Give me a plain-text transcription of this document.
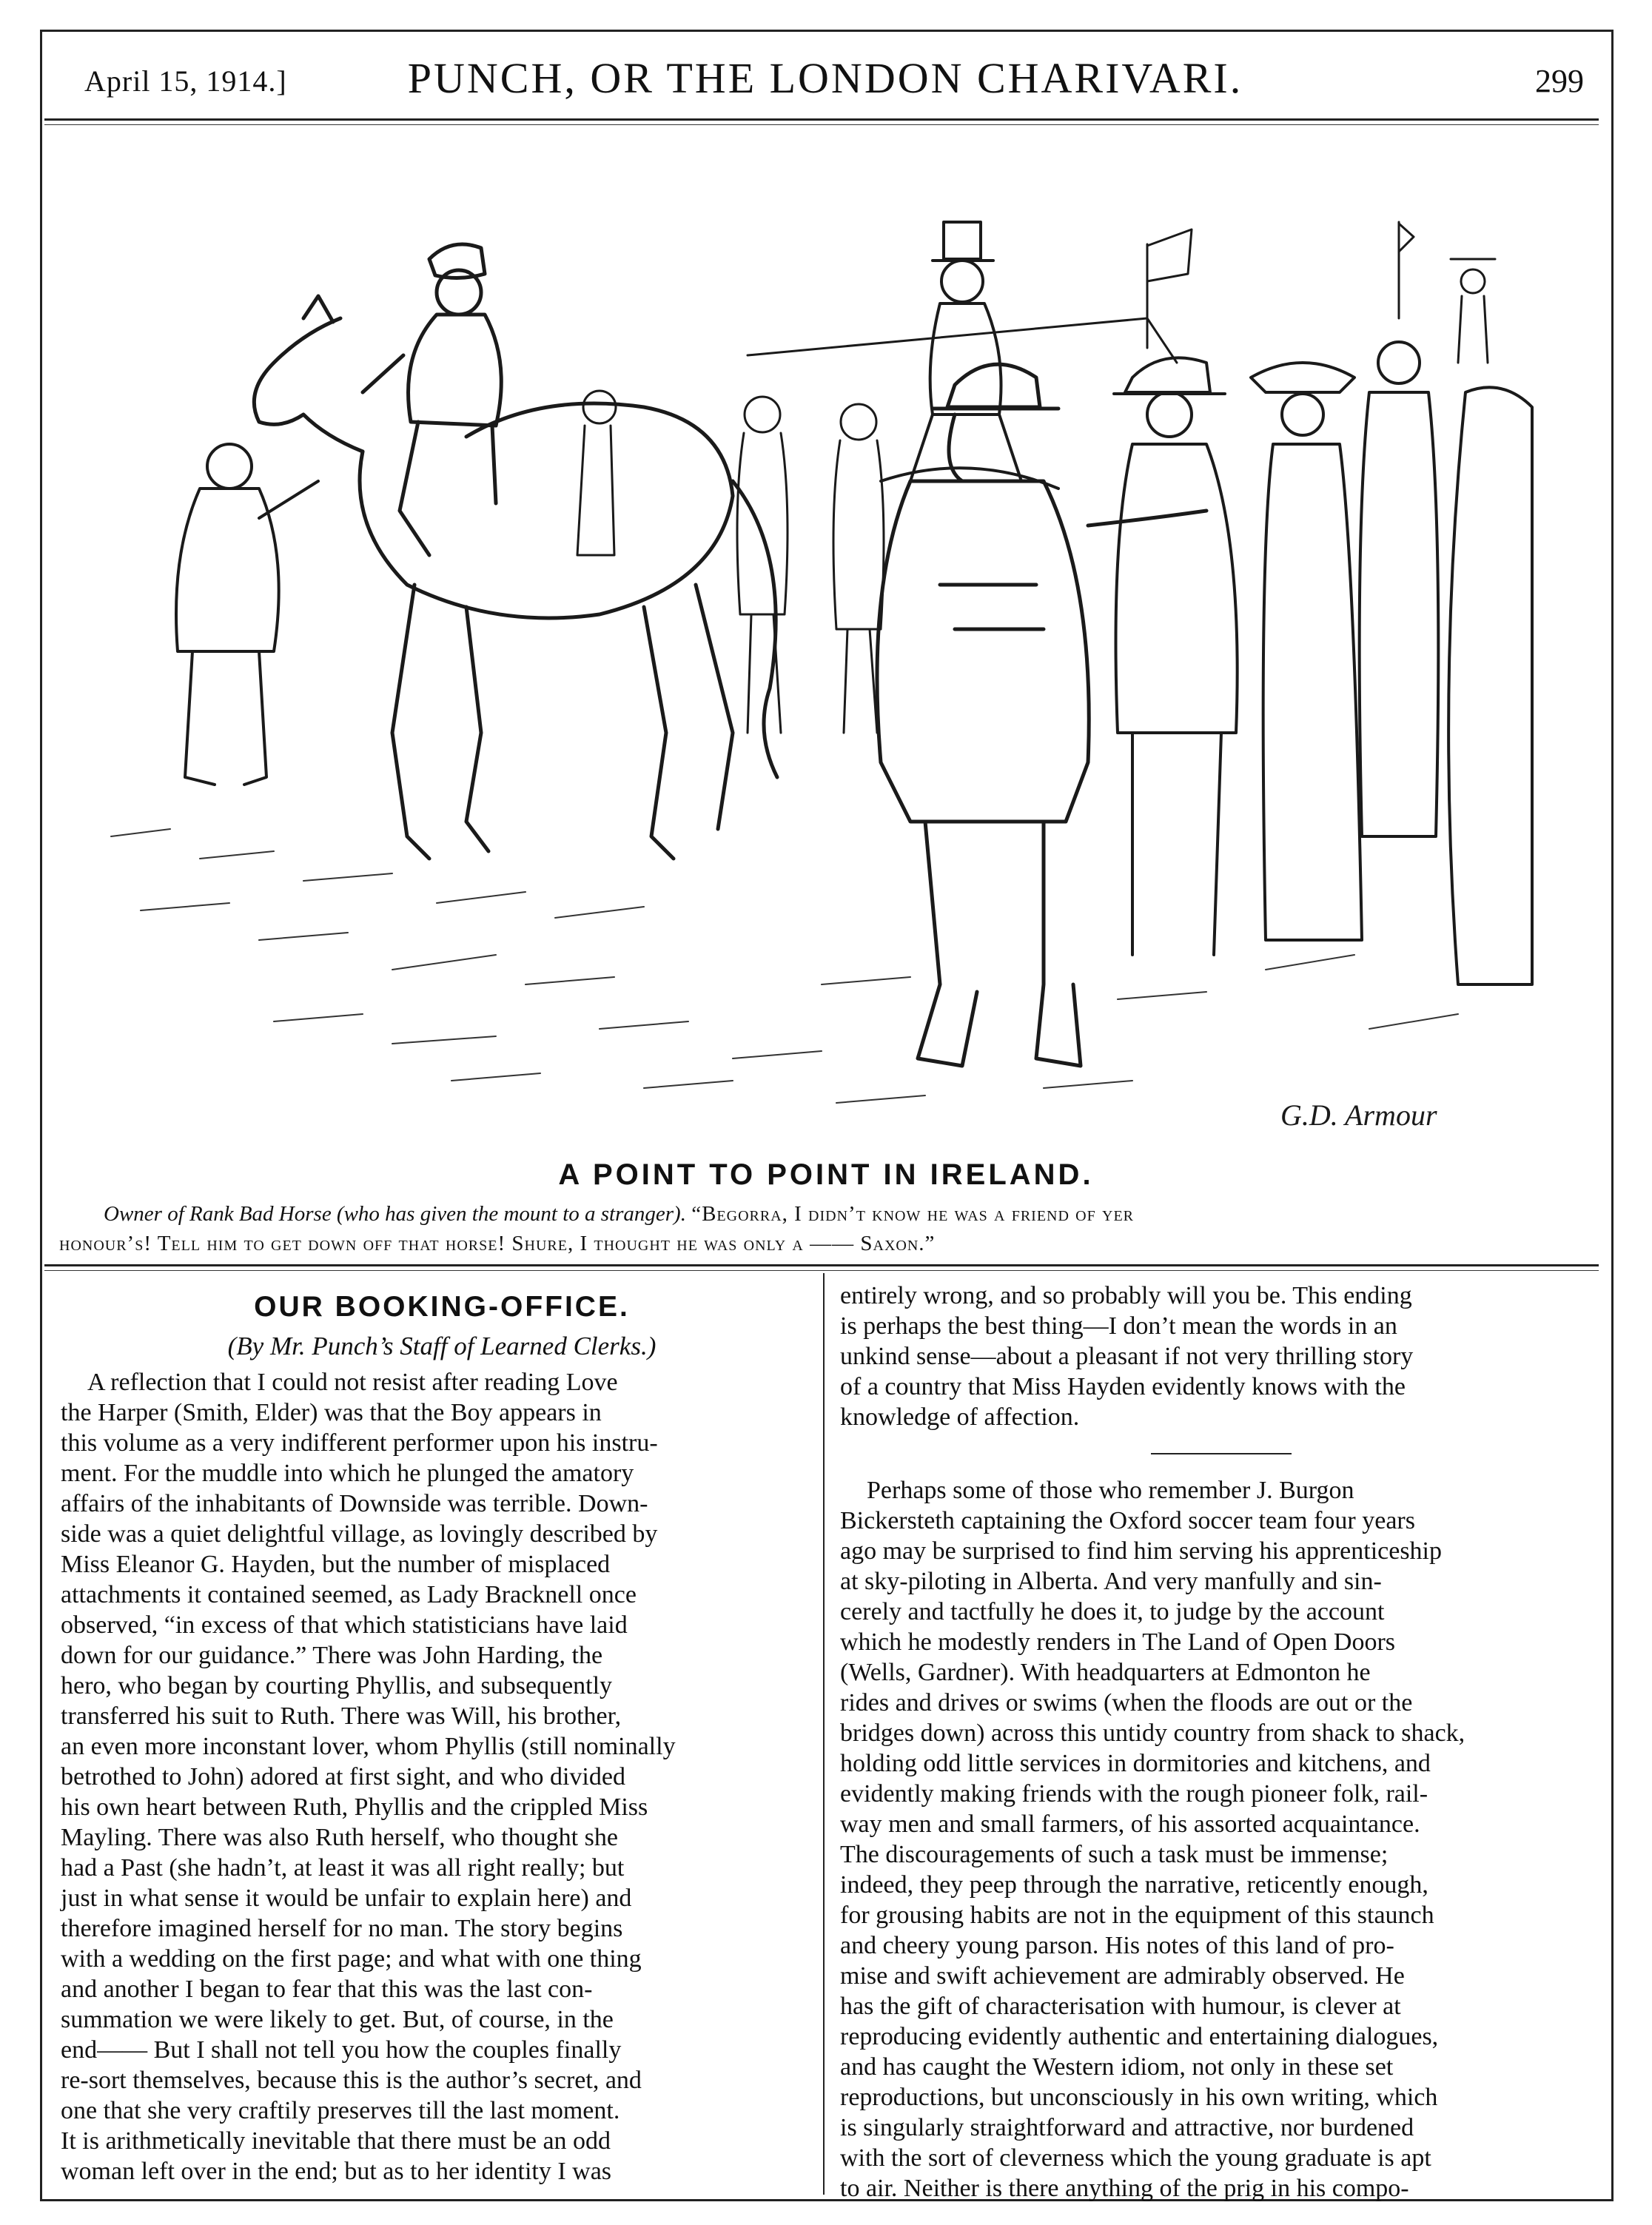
April 15, 1914.]	PUNCH, OR THE LONDON CHARIVARI.	299
G.D. Armour
A POINT TO POINT IN IRELAND.
Owner of Rank Bad Horse (who has given the mount to a stranger). “Begorra, I didn’t know he was a friend of yer
honour’s! Tell him to get down off that horse! Shure, I thought he was only a —— Saxon.”

OUR BOOKING-OFFICE.

(By Mr. Punch’s Staff of Learned Clerks.)

A reflection that I could not resist after reading Love
the Harper (Smith, Elder) was that the Boy appears in
this volume as a very indifferent performer upon his instru-
ment. For the muddle into which he plunged the amatory
affairs of the inhabitants of Downside was terrible. Down-
side was a quiet delightful village, as lovingly described by
Miss Eleanor G. Hayden, but the number of misplaced
attachments it contained seemed, as Lady Bracknell once
observed, “in excess of that which statisticians have laid
down for our guidance.” There was John Harding, the
hero, who began by courting Phyllis, and subsequently
transferred his suit to Ruth. There was Will, his brother,
an even more inconstant lover, whom Phyllis (still nominally
betrothed to John) adored at first sight, and who divided
his own heart between Ruth, Phyllis and the crippled Miss
Mayling. There was also Ruth herself, who thought she
had a Past (she hadn’t, at least it was all right really; but
just in what sense it would be unfair to explain here) and
therefore imagined herself for no man. The story begins
with a wedding on the first page; and what with one thing
and another I began to fear that this was the last con-
summation we were likely to get. But, of course, in the
end—— But I shall not tell you how the couples finally
re-sort themselves, because this is the author’s secret, and
one that she very craftily preserves till the last moment.
It is arithmetically inevitable that there must be an odd
woman left over in the end; but as to her identity I was

entirely wrong, and so probably will you be. This ending
is perhaps the best thing—I don’t mean the words in an
unkind sense—about a pleasant if not very thrilling story
of a country that Miss Hayden evidently knows with the
knowledge of affection.

Perhaps some of those who remember J. Burgon
Bickersteth captaining the Oxford soccer team four years
ago may be surprised to find him serving his apprenticeship
at sky-piloting in Alberta. And very manfully and sin-
cerely and tactfully he does it, to judge by the account
which he modestly renders in The Land of Open Doors
(Wells, Gardner). With headquarters at Edmonton he
rides and drives or swims (when the floods are out or the
bridges down) across this untidy country from shack to shack,
holding odd little services in dormitories and kitchens, and
evidently making friends with the rough pioneer folk, rail-
way men and small farmers, of his assorted acquaintance.
The discouragements of such a task must be immense;
indeed, they peep through the narrative, reticently enough,
for grousing habits are not in the equipment of this staunch
and cheery young parson. His notes of this land of pro-
mise and swift achievement are admirably observed. He
has the gift of characterisation with humour, is clever at
reproducing evidently authentic and entertaining dialogues,
and has caught the Western idiom, not only in these set
reproductions, but unconsciously in his own writing, which
is singularly straightforward and attractive, nor burdened
with the sort of cleverness which the young graduate is apt
to air. Neither is there anything of the prig in his compo-
